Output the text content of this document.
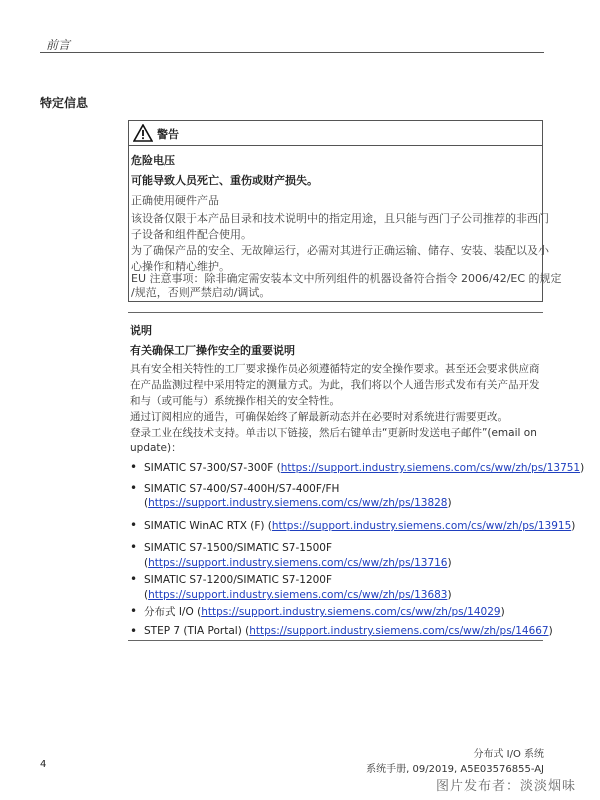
前言
特定信息
警告
危险电压
可能导致人员死亡、重伤或财产损失。
正确使用硬件产品
该设备仅限于本产品目录和技术说明中的指定用途，且只能与西门子公司推荐的非西门
子设备和组件配合使用。
为了确保产品的安全、无故障运行，必需对其进行正确运输、储存、安装、装配以及小
心操作和精心维护。
EU 注意事项：除非确定需安装本文中所列组件的机器设备符合指令 2006/42/EC 的规定
/规范，否则严禁启动/调试。
说明
有关确保工厂操作安全的重要说明
具有安全相关特性的工厂要求操作员必须遵循特定的安全操作要求。甚至还会要求供应商
在产品监测过程中采用特定的测量方式。为此，我们将以个人通告形式发布有关产品开发
和与（或可能与）系统操作相关的安全特性。
通过订阅相应的通告，可确保始终了解最新动态并在必要时对系统进行需要更改。
登录工业在线技术支持。单击以下链接，然后右键单击“更新时发送电子邮件”(email on
update)：
• SIMATIC S7-300/S7-300F (https://support.industry.siemens.com/cs/ww/zh/ps/13751)
• SIMATIC S7-400/S7-400H/S7-400F/FH
(https://support.industry.siemens.com/cs/ww/zh/ps/13828)
• SIMATIC WinAC RTX (F) (https://support.industry.siemens.com/cs/ww/zh/ps/13915)
• SIMATIC S7-1500/SIMATIC S7-1500F
(https://support.industry.siemens.com/cs/ww/zh/ps/13716)
• SIMATIC S7-1200/SIMATIC S7-1200F
(https://support.industry.siemens.com/cs/ww/zh/ps/13683)
• 分布式 I/O (https://support.industry.siemens.com/cs/ww/zh/ps/14029)
• STEP 7 (TIA Portal) (https://support.industry.siemens.com/cs/ww/zh/ps/14667)
4
分布式 I/O 系统
系统手册, 09/2019, A5E03576855-AJ
图片发布者：淡淡烟味
